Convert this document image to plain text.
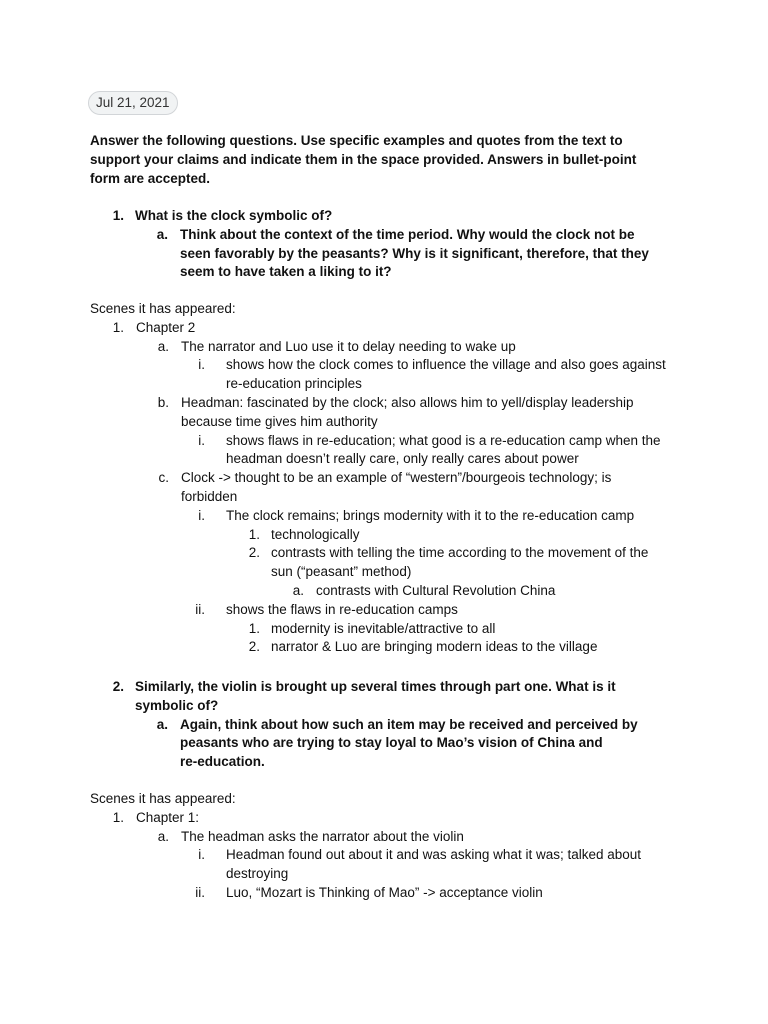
Jul 21, 2021
Answer the following questions. Use specific examples and quotes from the text to
support your claims and indicate them in the space provided. Answers in bullet-point
form are accepted.
1. What is the clock symbolic of?
a. Think about the context of the time period. Why would the clock not be
seen favorably by the peasants? Why is it significant, therefore, that they
seem to have taken a liking to it?
Scenes it has appeared:
1. Chapter 2
a. The narrator and Luo use it to delay needing to wake up
i. shows how the clock comes to influence the village and also goes against
re-education principles
b. Headman: fascinated by the clock; also allows him to yell/display leadership
because time gives him authority
i. shows flaws in re-education; what good is a re-education camp when the
headman doesn’t really care, only really cares about power
c. Clock -> thought to be an example of “western”/bourgeois technology; is
forbidden
i. The clock remains; brings modernity with it to the re-education camp
1. technologically
2. contrasts with telling the time according to the movement of the
sun (“peasant” method)
a. contrasts with Cultural Revolution China
ii. shows the flaws in re-education camps
1. modernity is inevitable/attractive to all
2. narrator & Luo are bringing modern ideas to the village
2. Similarly, the violin is brought up several times through part one. What is it
symbolic of?
a. Again, think about how such an item may be received and perceived by
peasants who are trying to stay loyal to Mao’s vision of China and
re-education.
Scenes it has appeared:
1. Chapter 1:
a. The headman asks the narrator about the violin
i. Headman found out about it and was asking what it was; talked about
destroying
ii. Luo, “Mozart is Thinking of Mao” -> acceptance violin
